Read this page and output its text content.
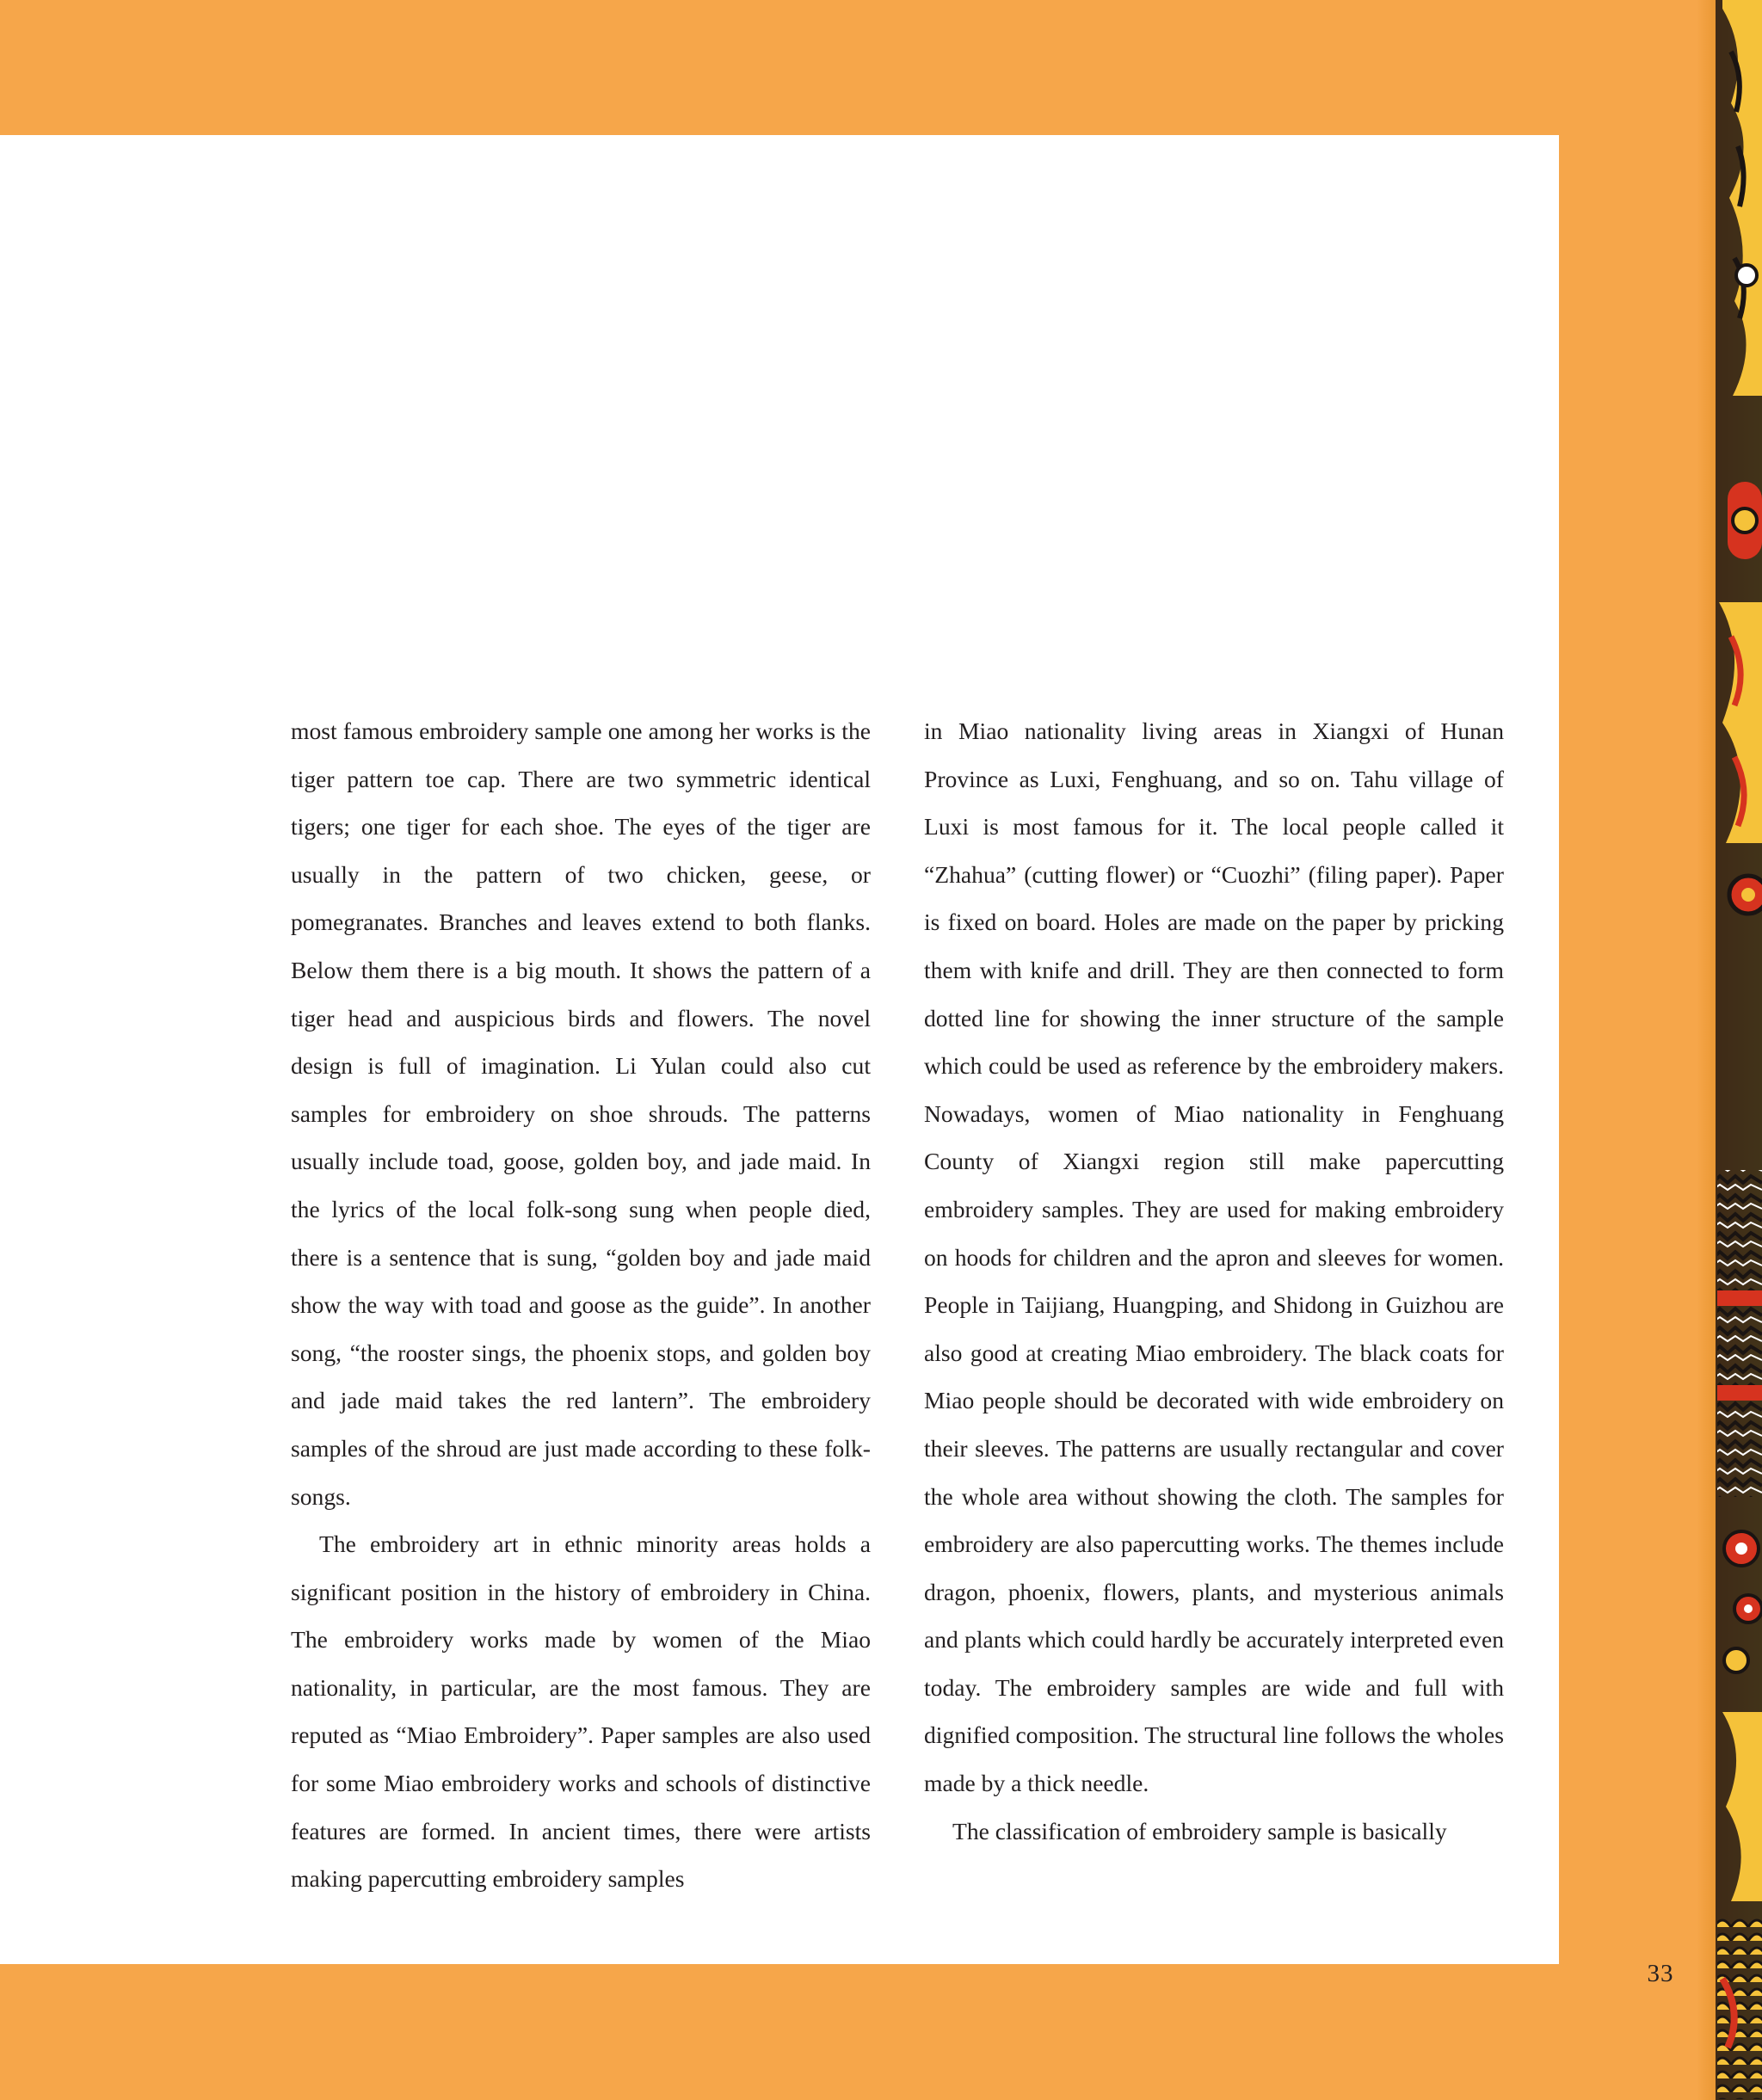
most famous embroidery sample one among her works is the tiger pattern toe cap. There are two symmetric identical tigers; one tiger for each shoe. The eyes of the tiger are usually in the pattern of two chicken, geese, or pomegranates. Branches and leaves extend to both flanks. Below them there is a big mouth. It shows the pattern of a tiger head and auspicious birds and flowers. The novel design is full of imagination. Li Yulan could also cut samples for embroidery on shoe shrouds. The patterns usually include toad, goose, golden boy, and jade maid. In the lyrics of the local folk-song sung when people died, there is a sentence that is sung, “golden boy and jade maid show the way with toad and goose as the guide”. In another song, “the rooster sings, the phoenix stops, and golden boy and jade maid takes the red lantern”. The embroidery samples of the shroud are just made according to these folk-songs.

The embroidery art in ethnic minority areas holds a significant position in the history of embroidery in China. The embroidery works made by women of the Miao nationality, in particular, are the most famous. They are reputed as “Miao Embroidery”. Paper samples are also used for some Miao embroidery works and schools of distinctive features are formed. In ancient times, there were artists making papercutting embroidery samples

in Miao nationality living areas in Xiangxi of Hunan Province as Luxi, Fenghuang, and so on. Tahu village of Luxi is most famous for it. The local people called it “Zhahua” (cutting flower) or “Cuozhi” (filing paper). Paper is fixed on board. Holes are made on the paper by pricking them with knife and drill. They are then connected to form dotted line for showing the inner structure of the sample which could be used as reference by the embroidery makers. Nowadays, women of Miao nationality in Fenghuang County of Xiangxi region still make papercutting embroidery samples. They are used for making embroidery on hoods for children and the apron and sleeves for women. People in Taijiang, Huangping, and Shidong in Guizhou are also good at creating Miao embroidery. The black coats for Miao people should be decorated with wide embroidery on their sleeves. The patterns are usually rectangular and cover the whole area without showing the cloth. The samples for embroidery are also papercutting works. The themes include dragon, phoenix, flowers, plants, and mysterious animals and plants which could hardly be accurately interpreted even today. The embroidery samples are wide and full with dignified composition. The structural line follows the wholes made by a thick needle.

The classification of embroidery sample is basically

33
